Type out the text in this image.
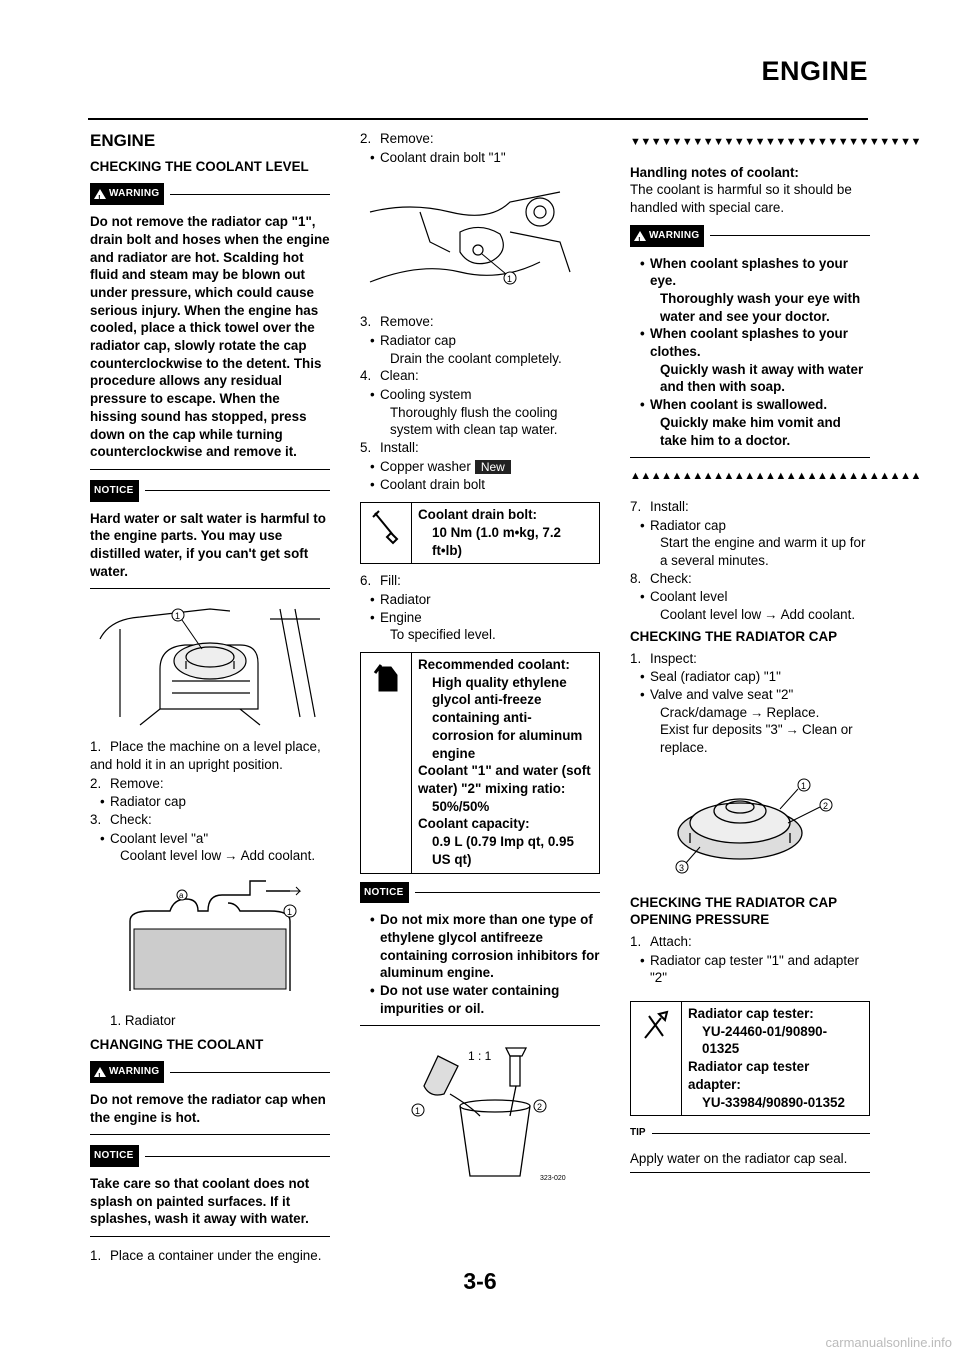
ENGINE
ENGINE
CHECKING THE COOLANT LEVEL
! WARNING
Do not remove the radiator cap "1", drain bolt and hoses when the engine and radiator are hot. Scalding hot fluid and steam may be blown out under pressure, which could cause serious injury. When the engine has cooled, place a thick towel over the radiator cap, slowly rotate the cap counterclockwise to the detent. This procedure allows any residual pressure to escape. When the hissing sound has stopped, press down on the cap while turning counterclockwise and remove it.
NOTICE
Hard water or salt water is harmful to the engine parts. You may use distilled water, if you can't get soft water.
1
1. Place the machine on a level place, and hold it in an upright position.
2. Remove:
• Radiator cap
3. Check:
• Coolant level "a"
Coolant level low → Add coolant.
a
1
1. Radiator
CHANGING THE COOLANT
! WARNING
Do not remove the radiator cap when the engine is hot.
NOTICE
Take care so that coolant does not splash on painted surfaces. If it splashes, wash it away with water.
1. Place a container under the engine.
2. Remove:
• Coolant drain bolt "1"
1
3. Remove:
• Radiator cap
Drain the coolant completely.
4. Clean:
• Cooling system
Thoroughly flush the cooling system with clean tap water.
5. Install:
• Copper washer New
• Coolant drain bolt
Coolant drain bolt:
10 Nm (1.0 m•kg, 7.2 ft•lb)
6. Fill:
• Radiator
• Engine
To specified level.
Recommended coolant:
High quality ethylene glycol anti-freeze containing anti-corrosion for aluminum engine
Coolant "1" and water (soft water) "2" mixing ratio:
50%/50%
Coolant capacity:
0.9 L (0.79 Imp qt, 0.95 US qt)
NOTICE
• Do not mix more than one type of ethylene glycol antifreeze containing corrosion inhibitors for aluminum engine.
• Do not use water containing impurities or oil.
1 : 1
1	2
323-020
▼▼▼▼▼▼▼▼▼▼▼▼▼▼▼▼▼▼▼▼▼▼▼▼▼▼▼▼
Handling notes of coolant:
The coolant is harmful so it should be handled with special care.
! WARNING
• When coolant splashes to your eye.
Thoroughly wash your eye with water and see your doctor.
• When coolant splashes to your clothes.
Quickly wash it away with water and then with soap.
• When coolant is swallowed.
Quickly make him vomit and take him to a doctor.
▲▲▲▲▲▲▲▲▲▲▲▲▲▲▲▲▲▲▲▲▲▲▲▲▲▲▲▲
7. Install:
• Radiator cap
Start the engine and warm it up for a several minutes.
8. Check:
• Coolant level
Coolant level low → Add coolant.
CHECKING THE RADIATOR CAP
1. Inspect:
• Seal (radiator cap) "1"
• Valve and valve seat "2"
Crack/damage → Replace.
Exist fur deposits "3" → Clean or replace.
1
2
3
CHECKING THE RADIATOR CAP OPENING PRESSURE
1. Attach:
• Radiator cap tester "1" and adapter "2"
Radiator cap tester:
YU-24460-01/90890-01325
Radiator cap tester adapter:
YU-33984/90890-01352
TIP
Apply water on the radiator cap seal.
3-6
carmanualsonline.info
